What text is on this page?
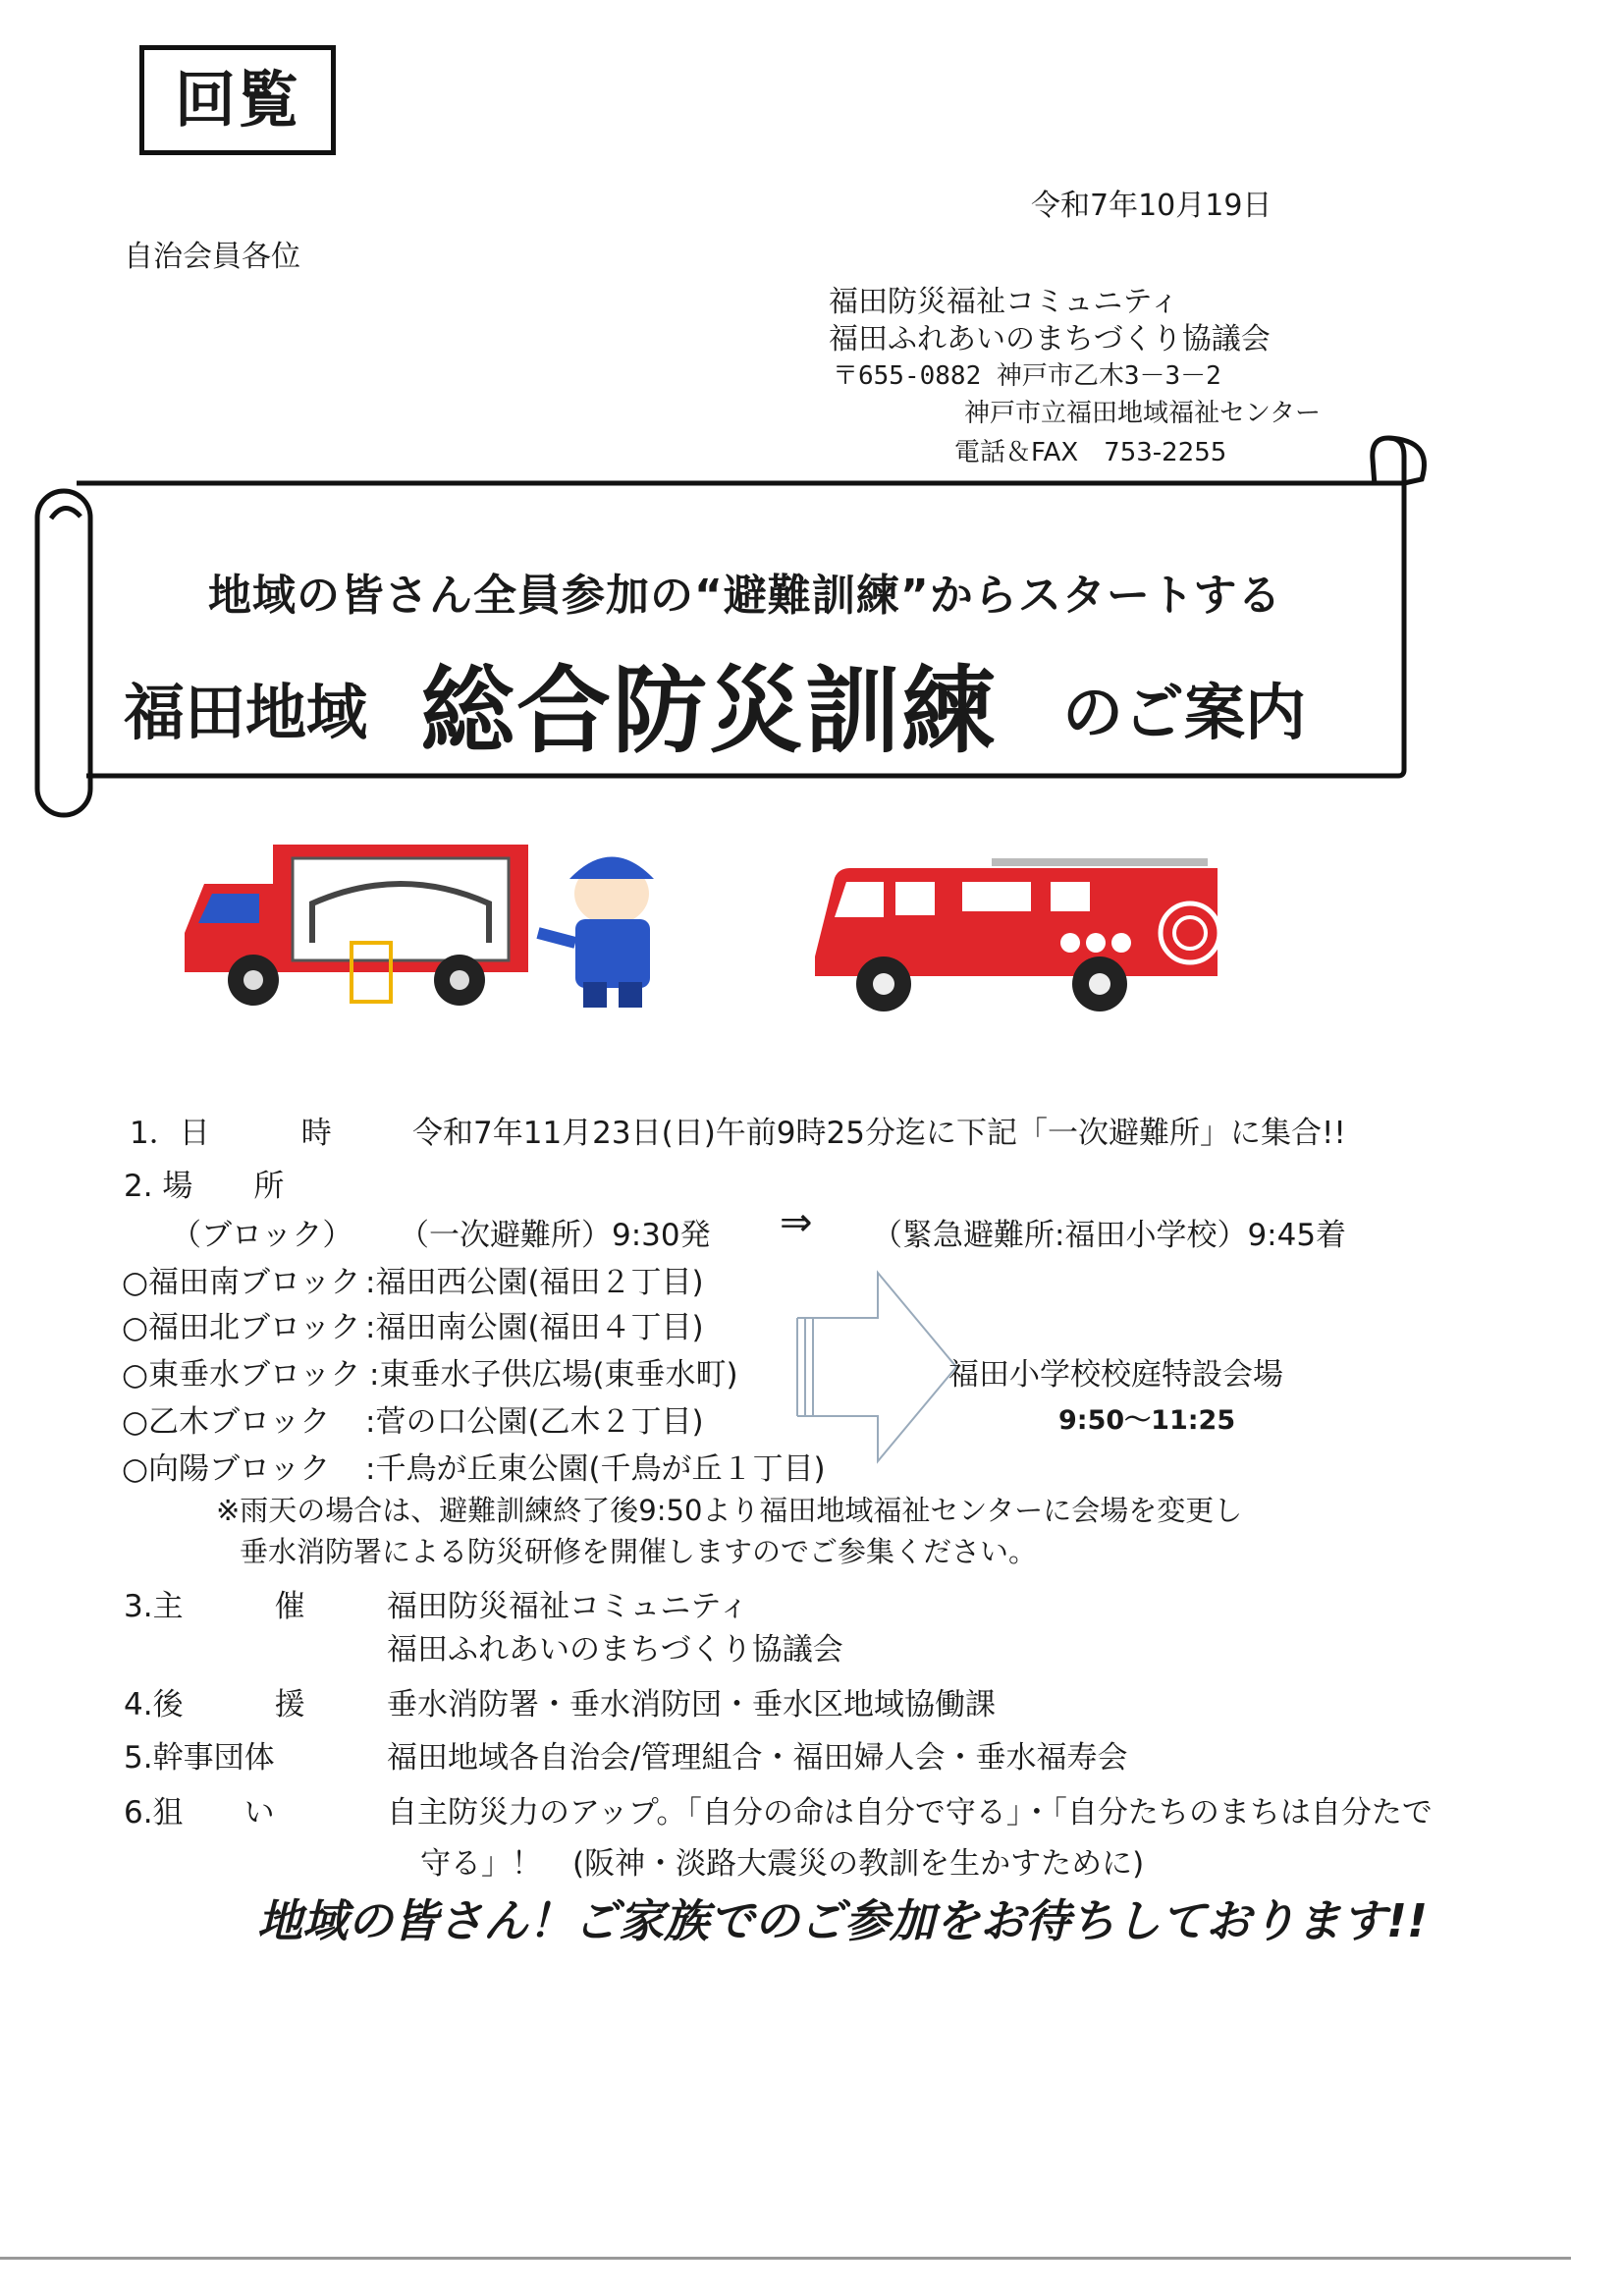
回覧
令和7年10月19日
自治会員各位
福田防災福祉コミュニティ
福田ふれあいのまちづくり協議会
〒655-0882 神戸市乙木3－3－2
神戸市立福田地域福祉センター
電話＆FAX　753-2255
地域の皆さん全員参加の“避難訓練”からスタートする
福田地域 総合防災訓練 のご案内
1．日　　　時	令和7年11月23日(日)午前9時25分迄に下記「一次避難所」に集合!!
2. 場　　所
（ブロック） （一次避難所）9:30発 ⇒ （緊急避難所:福田小学校）9:45着
○福田南ブロック :福田西公園(福田２丁目)
○福田北ブロック :福田南公園(福田４丁目)
○東垂水ブロック :東垂水子供広場(東垂水町)
○乙木ブロック :菅の口公園(乙木２丁目)
○向陽ブロック :千鳥が丘東公園(千鳥が丘１丁目)
福田小学校校庭特設会場
9:50～11:25
※雨天の場合は、避難訓練終了後9:50より福田地域福祉センターに会場を変更し
垂水消防署による防災研修を開催しますのでご参集ください。
3.主　　　催	福田防災福祉コミュニティ
福田ふれあいのまちづくり協議会
4.後　　　援	垂水消防署・垂水消防団・垂水区地域協働課
5.幹事団体	福田地域各自治会/管理組合・福田婦人会・垂水福寿会
6.狙　　い	自主防災力のアップ。「自分の命は自分で守る」・「自分たちのまちは自分たで
守る」！　(阪神・淡路大震災の教訓を生かすために)
地域の皆さん！ご家族でのご参加をお待ちしております!!
